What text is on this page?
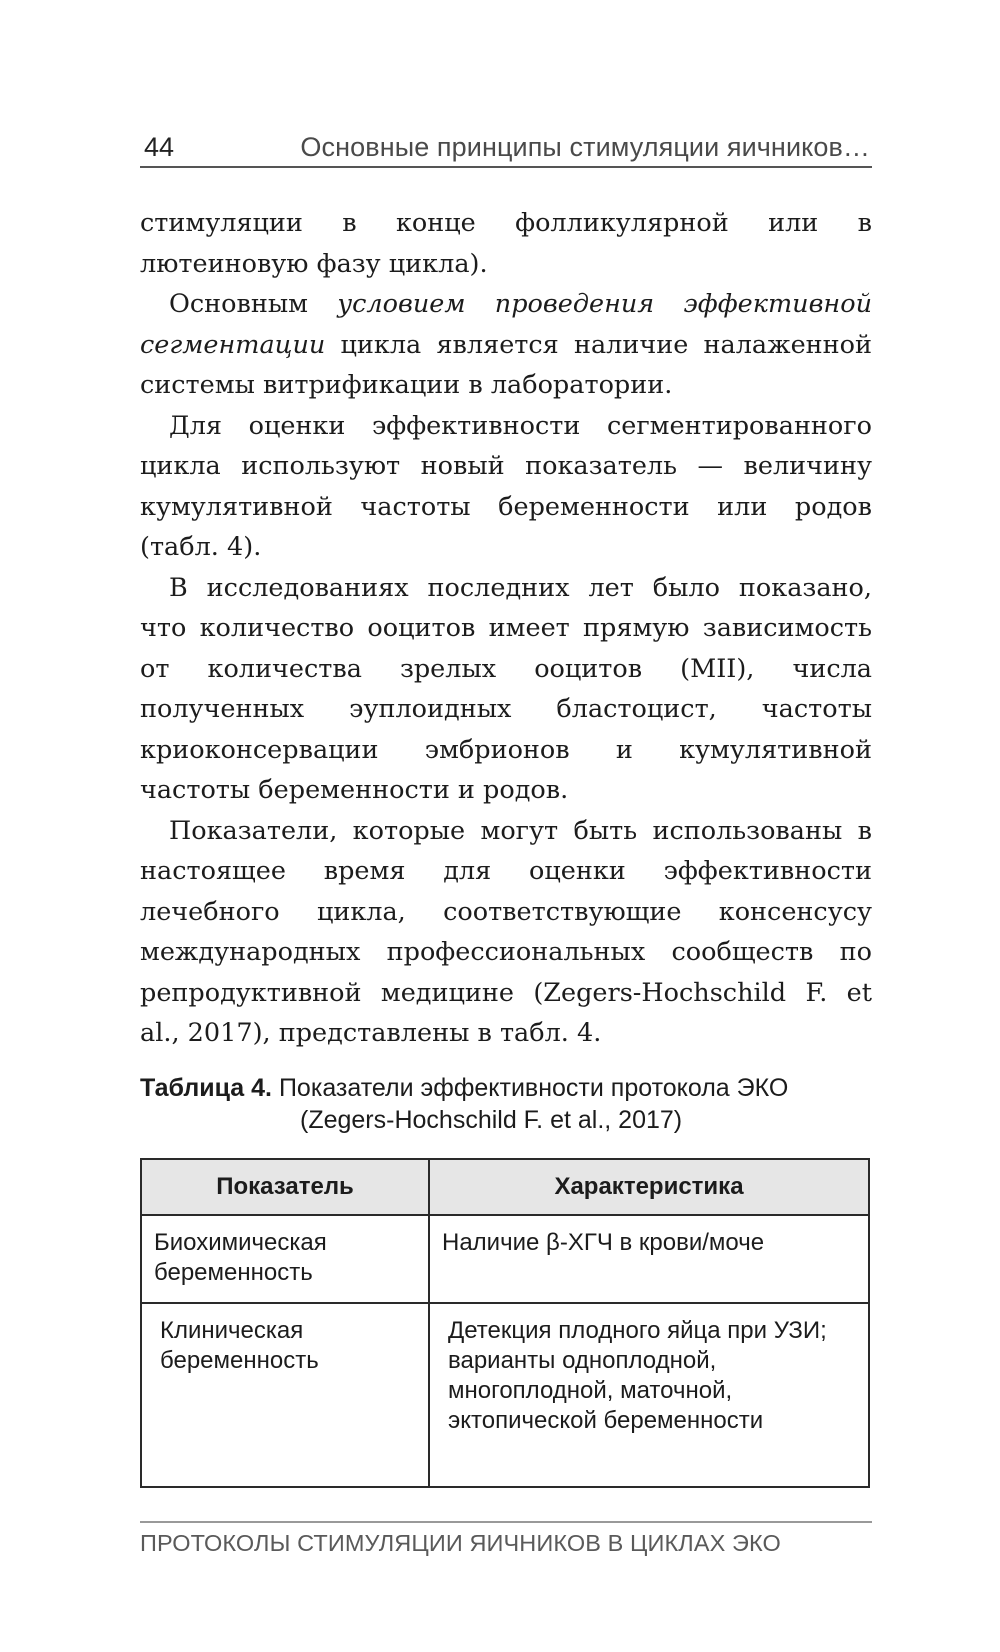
44	Основные принципы стимуляции яичников…

стимуляции в конце фолликулярной или в лютеиновую фазу цикла).

Основным условием проведения эффективной сегментации цикла является наличие налаженной системы витрификации в лаборатории.

Для оценки эффективности сегментированного цикла используют новый показатель — величину кумулятивной частоты беременности или родов (табл. 4).

В исследованиях последних лет было показано, что количество ооцитов имеет прямую зависимость от количества зрелых ооцитов (MII), числа полученных эуплоидных бластоцист, частоты криоконсервации эмбрионов и кумулятивной частоты беременности и родов.

Показатели, которые могут быть использованы в настоящее время для оценки эффективности лечебного цикла, соответствующие консенсусу международных профессиональных сообществ по репродуктивной медицине (Zegers-Hochschild F. et al., 2017), представлены в табл. 4.

Таблица 4. Показатели эффективности протокола ЭКО
(Zegers-Hochschild F. et al., 2017)
Показатель	Характеристика
Биохимическая беременность	Наличие β-ХГЧ в крови/моче
Клиническая беременность	Детекция плодного яйца при УЗИ; варианты одноплодной, многоплодной, маточной, эктопической беременности
ПРОТОКОЛЫ СТИМУЛЯЦИИ ЯИЧНИКОВ В ЦИКЛАХ ЭКО
